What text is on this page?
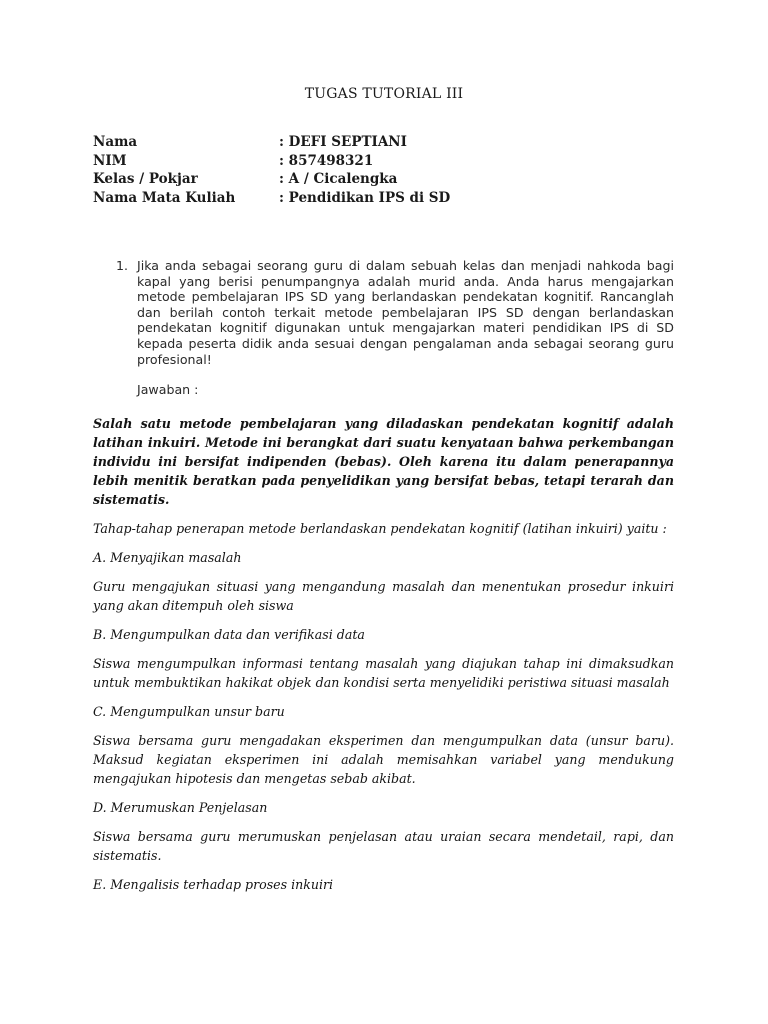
TUGAS TUTORIAL III
Nama	: DEFI SEPTIANI
NIM	: 857498321
Kelas / Pokjar	: A / Cicalengka
Nama Mata Kuliah	: Pendidikan IPS di SD
1. Jika anda sebagai seorang guru di dalam sebuah kelas dan menjadi nahkoda bagi kapal yang berisi penumpangnya adalah murid anda. Anda harus mengajarkan metode pembelajaran IPS SD yang berlandaskan pendekatan kognitif. Rancanglah dan berilah contoh terkait metode pembelajaran IPS SD dengan berlandaskan pendekatan kognitif digunakan untuk mengajarkan materi pendidikan IPS di SD kepada peserta didik anda sesuai dengan pengalaman anda sebagai seorang guru profesional!
Jawaban :

Salah satu metode pembelajaran yang diladaskan pendekatan kognitif adalah latihan inkuiri. Metode ini berangkat dari suatu kenyataan bahwa perkembangan individu ini bersifat indipenden (bebas). Oleh karena itu dalam penerapannya lebih menitik beratkan pada penyelidikan yang bersifat bebas, tetapi terarah dan sistematis.

Tahap-tahap penerapan metode berlandaskan pendekatan kognitif (latihan inkuiri) yaitu :

A. Menyajikan masalah

Guru mengajukan situasi yang mengandung masalah dan menentukan prosedur inkuiri yang akan ditempuh oleh siswa

B. Mengumpulkan data dan verifikasi data

Siswa mengumpulkan informasi tentang masalah yang diajukan tahap ini dimaksudkan untuk membuktikan hakikat objek dan kondisi serta menyelidiki peristiwa situasi masalah

C. Mengumpulkan unsur baru

Siswa bersama guru mengadakan eksperimen dan mengumpulkan data (unsur baru). Maksud kegiatan eksperimen ini adalah memisahkan variabel yang mendukung mengajukan hipotesis dan mengetas sebab akibat.

D. Merumuskan Penjelasan

Siswa bersama guru merumuskan penjelasan atau uraian secara mendetail, rapi, dan sistematis.

E. Mengalisis terhadap proses inkuiri
